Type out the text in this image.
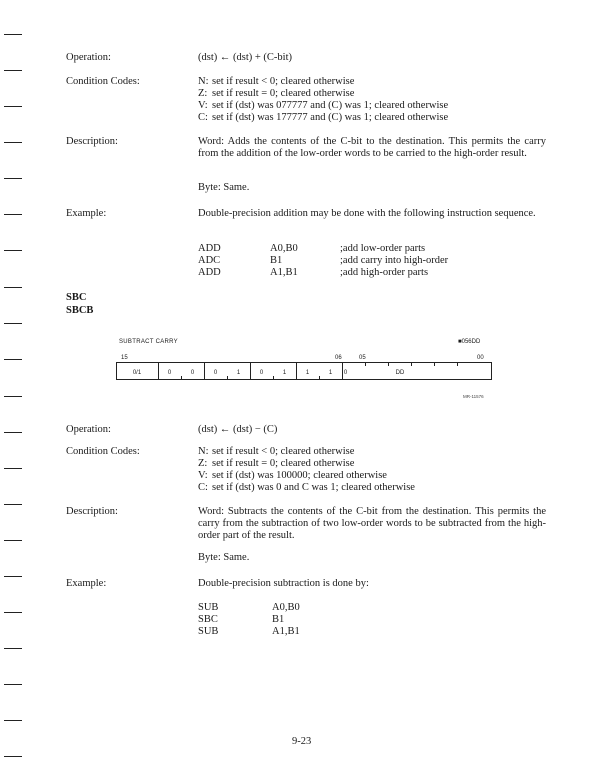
Operation:	(dst) ← (dst) + (C-bit)
Condition Codes:	N: set if result < 0; cleared otherwise
Z: set if result = 0; cleared otherwise
V: set if (dst) was 077777 and (C) was 1; cleared otherwise
C: set if (dst) was 177777 and (C) was 1; cleared otherwise
Description:	Word: Adds the contents of the C-bit to the destination. This permits the carry from the addition of the low-order words to be carried to the high-order result.
Byte: Same.
Example:	Double-precision addition may be done with the following instruction sequence.
ADD	A0,B0	;add low-order parts
ADC	B1	;add carry into high-order
ADD	A1,B1	;add high-order parts
SBC
SBCB
SUBTRACT CARRY	■056DD
15	06	05	00
0/1	0	0	0	1	0	1	1	1	0	DD
MR-11576
Operation:	(dst) ← (dst) − (C)
Condition Codes:	N: set if result < 0; cleared otherwise
Z: set if result = 0; cleared otherwise
V: set if (dst) was 100000; cleared otherwise
C: set if (dst) was 0 and C was 1; cleared otherwise
Description:	Word: Subtracts the contents of the C-bit from the destination. This permits the carry from the subtraction of two low-order words to be subtracted from the high-order part of the result.
Byte: Same.
Example:	Double-precision subtraction is done by:
SUB	A0,B0
SBC	B1
SUB	A1,B1
9-23
